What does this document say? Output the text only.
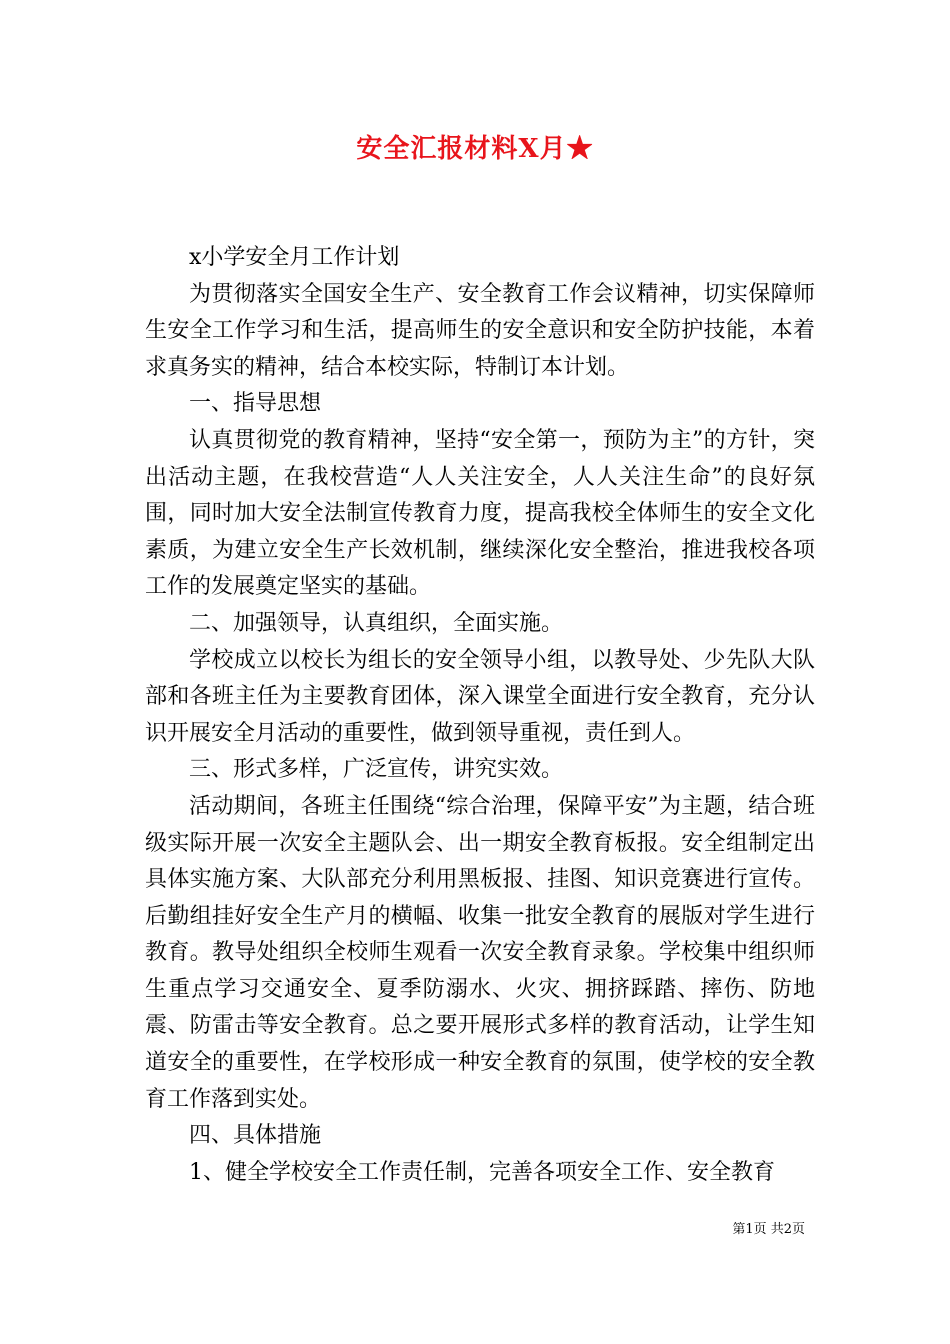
安全汇报材料X月★

x小学安全月工作计划

为贯彻落实全国安全生产、安全教育工作会议精神，切实保障师生安全工作学习和生活，提高师生的安全意识和安全防护技能，本着求真务实的精神，结合本校实际，特制订本计划。

一、指导思想

认真贯彻党的教育精神，坚持“安全第一，预防为主”的方针，突出活动主题，在我校营造“人人关注安全，人人关注生命”的良好氛围，同时加大安全法制宣传教育力度，提高我校全体师生的安全文化素质，为建立安全生产长效机制，继续深化安全整治，推进我校各项工作的发展奠定坚实的基础。

二、加强领导，认真组织，全面实施。

学校成立以校长为组长的安全领导小组，以教导处、少先队大队部和各班主任为主要教育团体，深入课堂全面进行安全教育，充分认识开展安全月活动的重要性，做到领导重视，责任到人。

三、形式多样，广泛宣传，讲究实效。

活动期间，各班主任围绕“综合治理，保障平安”为主题，结合班级实际开展一次安全主题队会、出一期安全教育板报。安全组制定出具体实施方案、大队部充分利用黑板报、挂图、知识竞赛进行宣传。后勤组挂好安全生产月的横幅、收集一批安全教育的展版对学生进行教育。教导处组织全校师生观看一次安全教育录象。学校集中组织师生重点学习交通安全、夏季防溺水、火灾、拥挤踩踏、摔伤、防地震、防雷击等安全教育。总之要开展形式多样的教育活动，让学生知道安全的重要性，在学校形成一种安全教育的氛围，使学校的安全教育工作落到实处。

四、具体措施

1、健全学校安全工作责任制，完善各项安全工作、安全教育

第1页 共2页
